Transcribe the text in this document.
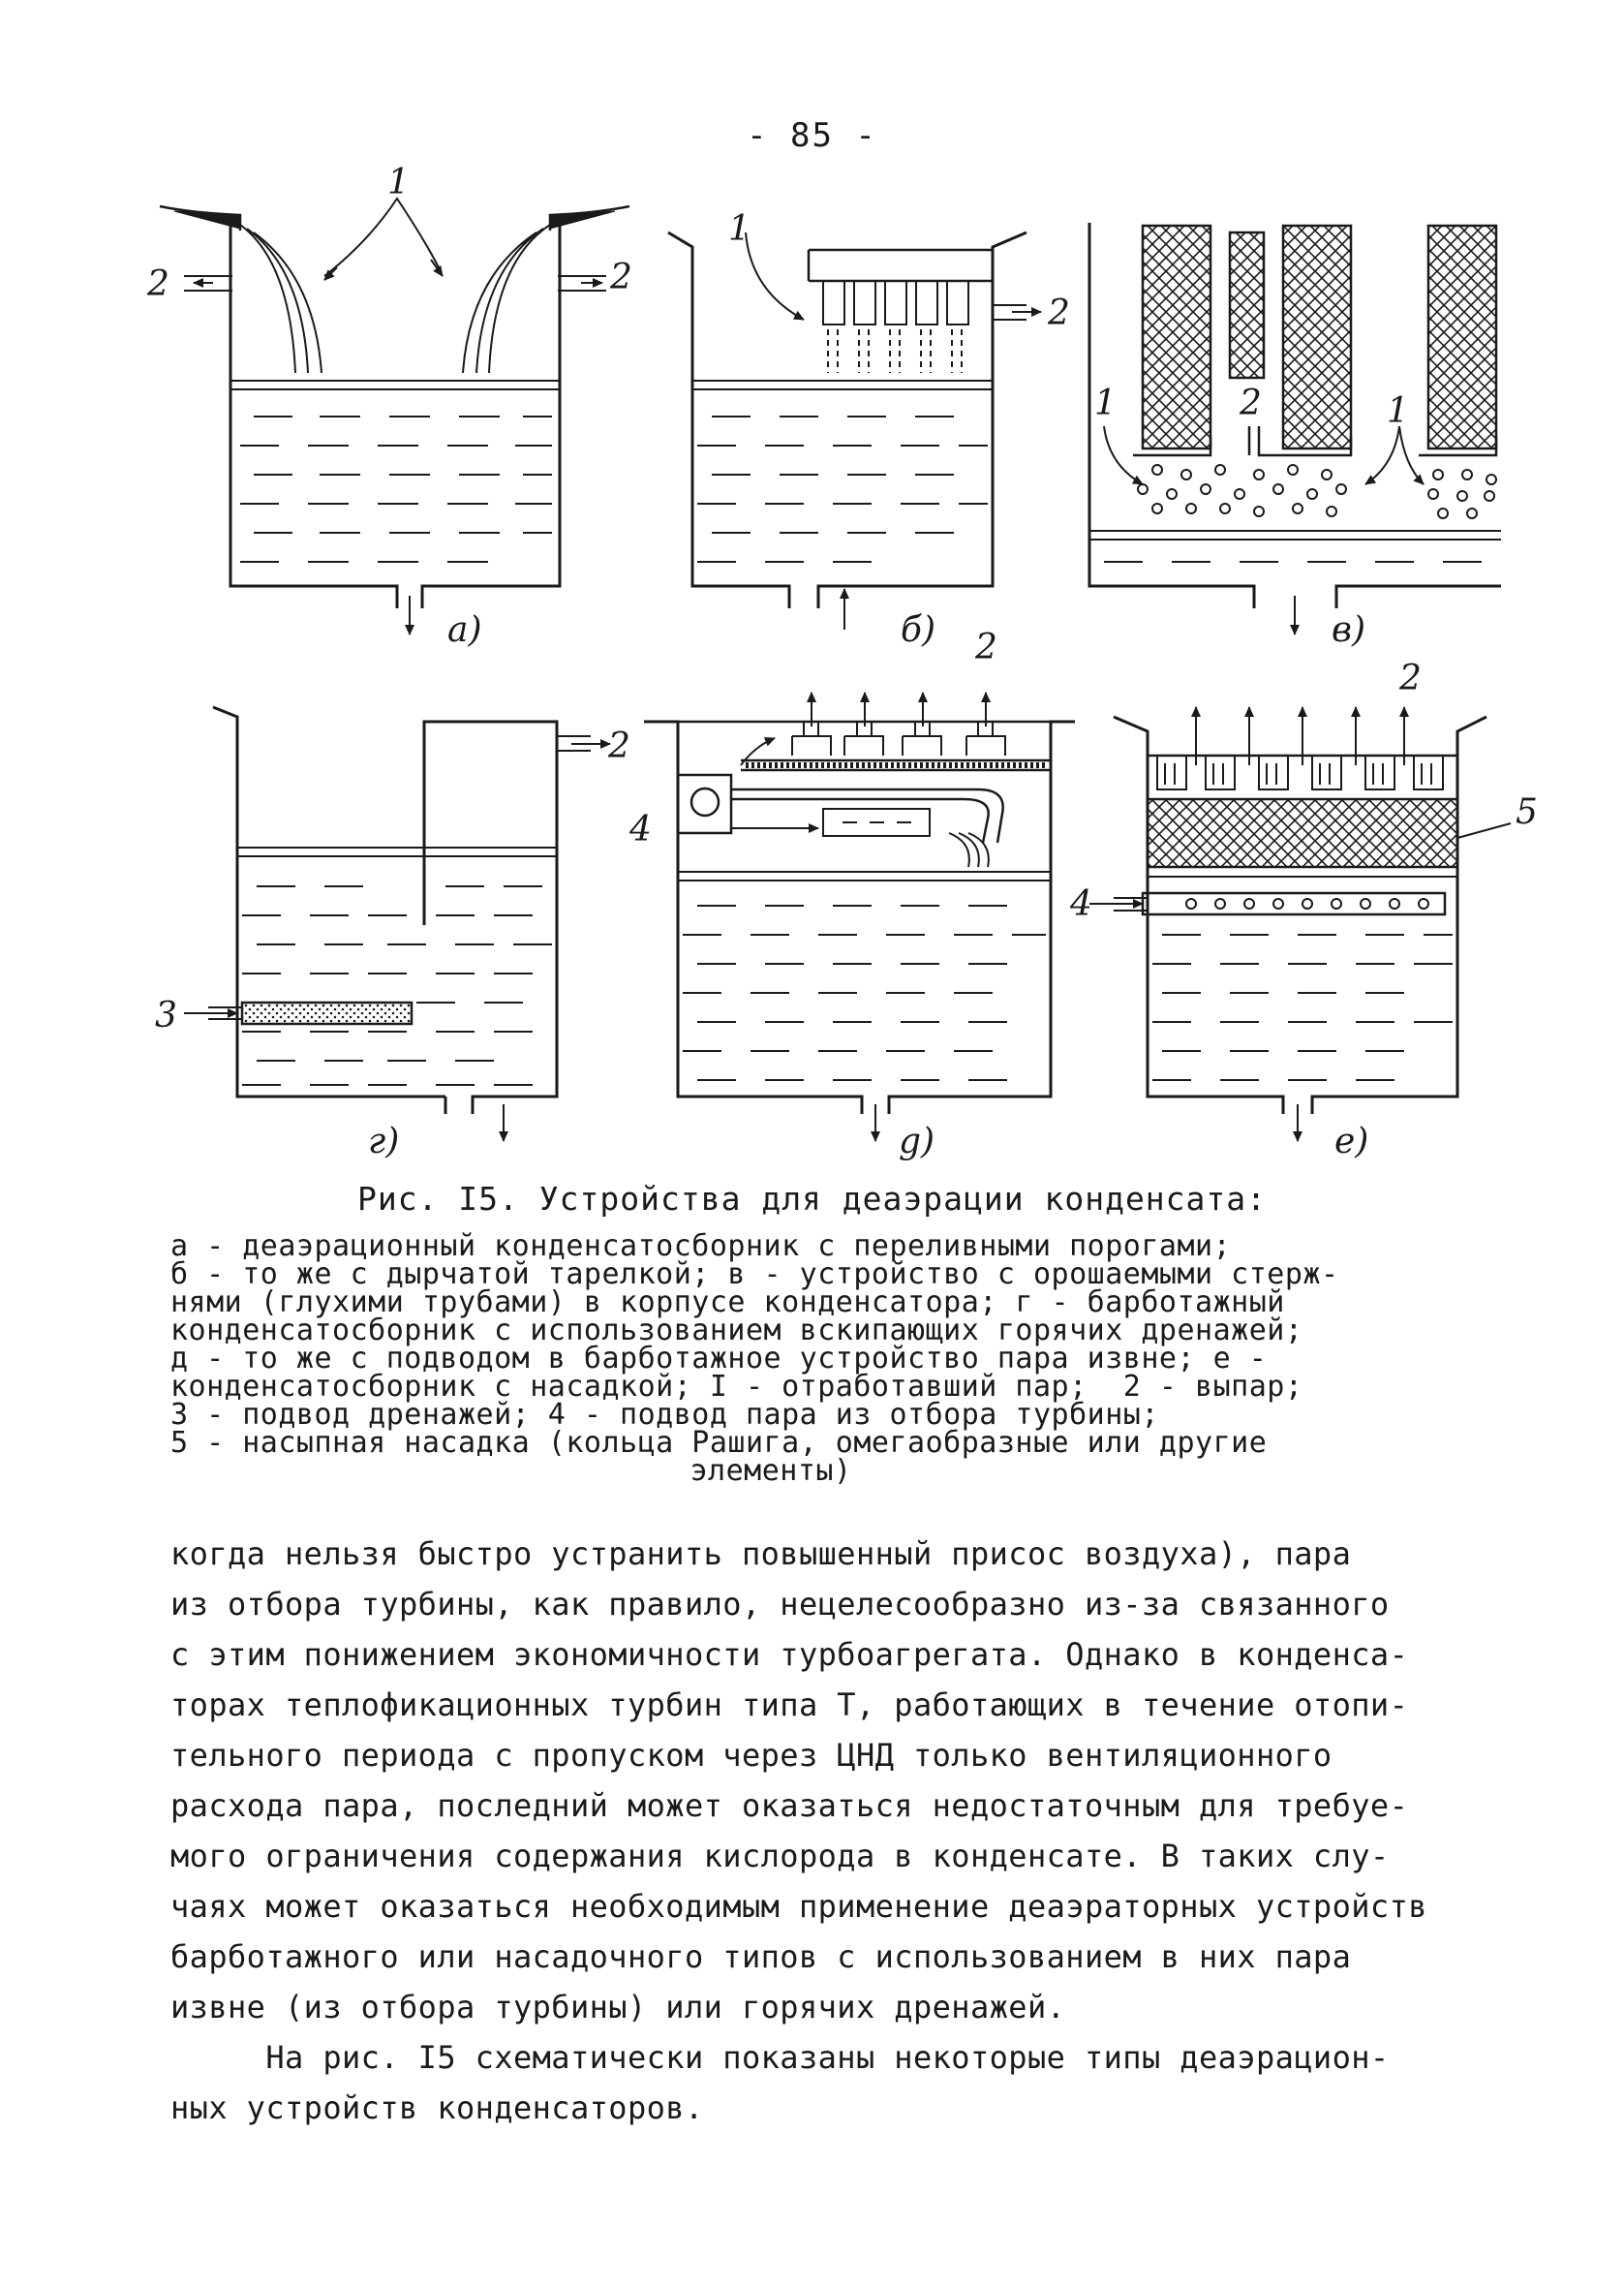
- 85 -
1
2	2
1
2
1	2	1
2
3
2
4
2
5
4
а)	б)	в)
г)	g)	е)
Рис. I5. Устройства для деаэрации конденсата:
а - деаэрационный конденсатосборник с переливными порогами;
б - то же с дырчатой тарелкой; в - устройство с орошаемыми стерж-
нями (глухими трубами) в корпусе конденсатора; г - барботажный
конденсатосборник с использованием вскипающих горячих дренажей;
д - то же с подводом в барботажное устройство пара извне; е -
конденсатосборник с насадкой; I - отработавший пар;  2 - выпар;
3 - подвод дренажей; 4 - подвод пара из отбора турбины;
5 - насыпная насадка (кольца Рашига, омегаобразные или другие
элементы)
когда нельзя быстро устранить повышенный присос воздуха), пара
из отбора турбины, как правило, нецелесообразно из-за связанного
с этим понижением экономичности турбоагрегата. Однако в конденса-
торах теплофикационных турбин типа Т, работающих в течение отопи-
тельного периода с пропуском через ЦНД только вентиляционного
расхода пара, последний может оказаться недостаточным для требуе-
мого ограничения содержания кислорода в конденсате. В таких слу-
чаях может оказаться необходимым применение деаэраторных устройств
барботажного или насадочного типов с использованием в них пара
извне (из отбора турбины) или горячих дренажей.
На рис. I5 схематически показаны некоторые типы деаэрацион-
ных устройств конденсаторов.
